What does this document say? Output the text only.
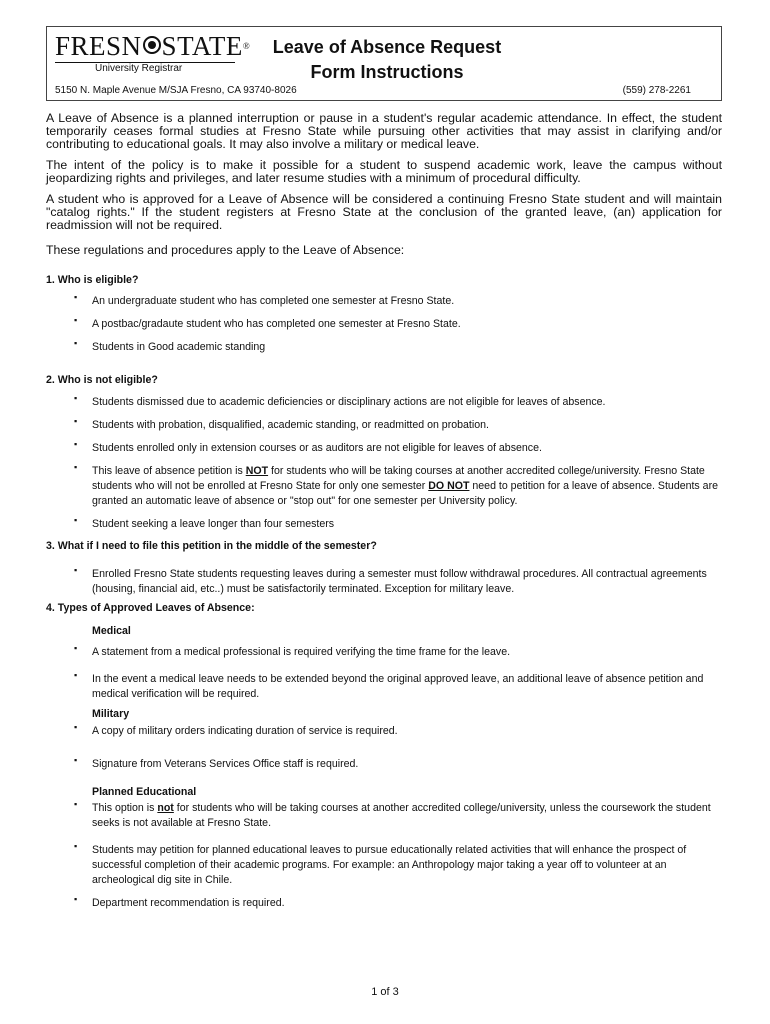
FRESN STATE®
University Registrar
Leave of Absence Request
Form Instructions
5150 N. Maple Avenue M/SJA Fresno, CA 93740-8026	(559) 278-2261

A Leave of Absence is a planned interruption or pause in a student's regular academic attendance. In effect, the student temporarily ceases formal studies at Fresno State while pursuing other activities that may assist in clarifying and/or contributing to educational goals. It may also involve a military or medical leave.

The intent of the policy is to make it possible for a student to suspend academic work, leave the campus without jeopardizing rights and privileges, and later resume studies with a minimum of procedural difficulty.

A student who is approved for a Leave of Absence will be considered a continuing Fresno State student and will maintain "catalog rights." If the student registers at Fresno State at the conclusion of the granted leave, (an) application for readmission will not be required.

These regulations and procedures apply to the Leave of Absence:

1. Who is eligible?

▪ An undergraduate student who has completed one semester at Fresno State.
▪ A postbac/gradaute student who has completed one semester at Fresno State.
▪ Students in Good academic standing

2. Who is not eligible?

▪ Students dismissed due to academic deficiencies or disciplinary actions are not eligible for leaves of absence.
▪ Students with probation, disqualified, academic standing, or readmitted on probation.
▪ Students enrolled only in extension courses or as auditors are not eligible for leaves of absence.
▪ This leave of absence petition is NOT for students who will be taking courses at another accredited college/university. Fresno State students who will not be enrolled at Fresno State for only one semester DO NOT need to petition for a leave of absence. Students are granted an automatic leave of absence or "stop out" for one semester per University policy.
▪ Student seeking a leave longer than four semesters

3. What if I need to file this petition in the middle of the semester?

▪ Enrolled Fresno State students requesting leaves during a semester must follow withdrawal procedures. All contractual agreements (housing, financial aid, etc..) must be satisfactorily terminated. Exception for military leave.

4. Types of Approved Leaves of Absence:

Medical

▪ A statement from a medical professional is required verifying the time frame for the leave.
▪ In the event a medical leave needs to be extended beyond the original approved leave, an additional leave of absence petition and medical verification will be required.

Military

▪ A copy of military orders indicating duration of service is required.
▪ Signature from Veterans Services Office staff is required.

Planned Educational

▪ This option is not for students who will be taking courses at another accredited college/university, unless the coursework the student seeks is not available at Fresno State.
▪ Students may petition for planned educational leaves to pursue educationally related activities that will enhance the prospect of successful completion of their academic programs. For example: an Anthropology major taking a year off to volunteer at an archeological dig site in Chile.
▪ Department recommendation is required.
1 of 3
